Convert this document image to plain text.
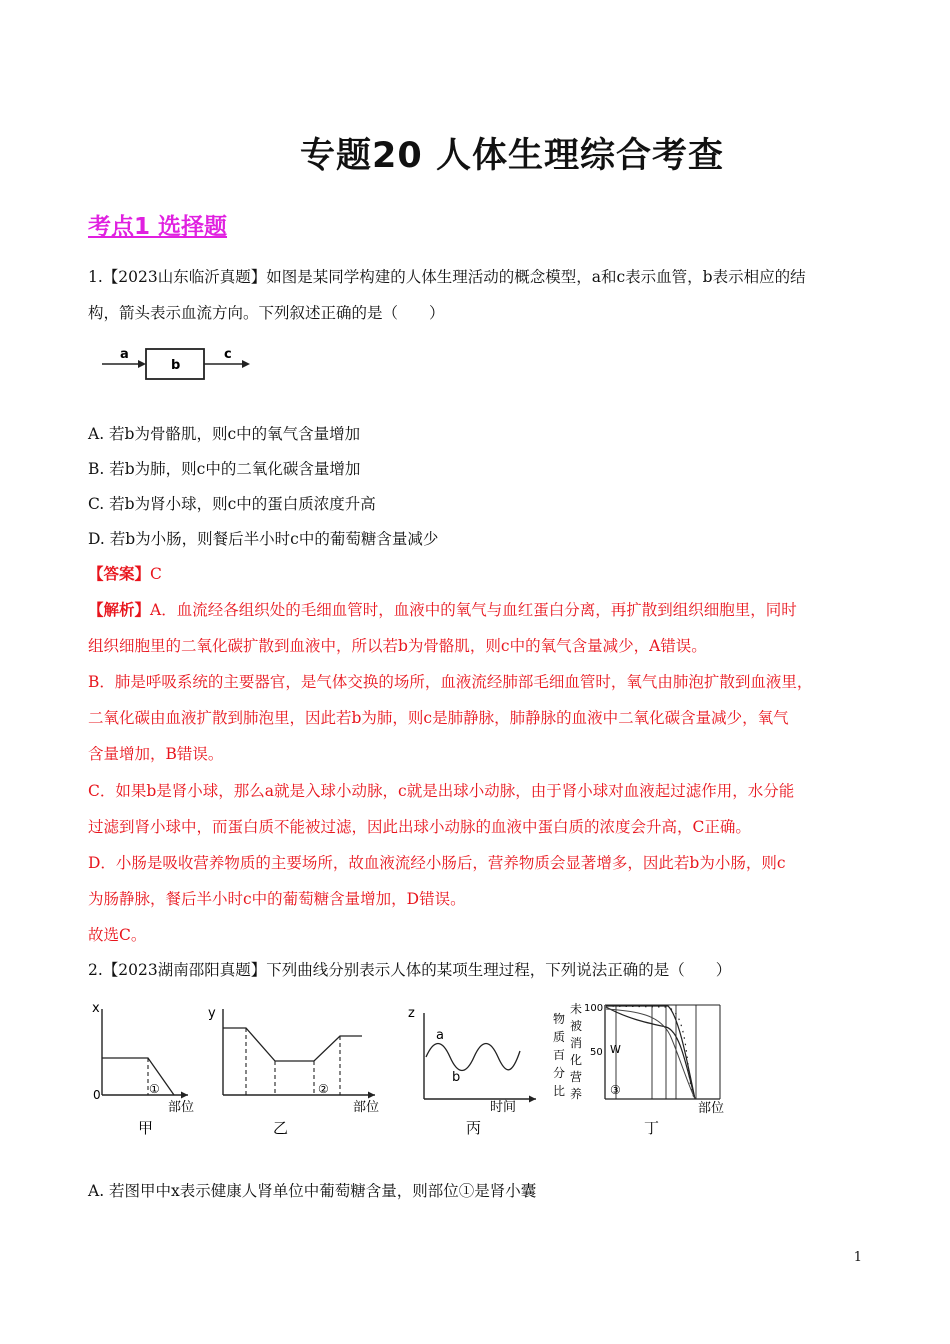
专题20 人体生理综合考查
考点1 选择题
1.【2023山东临沂真题】如图是某同学构建的人体生理活动的概念模型，a和c表示血管，b表示相应的结
构，箭头表示血流方向。下列叙述正确的是（　　）
a
b
c
A. 若b为骨骼肌，则c中的氧气含量增加
B. 若b为肺，则c中的二氧化碳含量增加
C. 若b为肾小球，则c中的蛋白质浓度升高
D. 若b为小肠，则餐后半小时c中的葡萄糖含量减少
【答案】C
【解析】A．血流经各组织处的毛细血管时，血液中的氧气与血红蛋白分离，再扩散到组织细胞里，同时
组织细胞里的二氧化碳扩散到血液中，所以若b为骨骼肌，则c中的氧气含量减少，A错误。
B．肺是呼吸系统的主要器官，是气体交换的场所，血液流经肺部毛细血管时，氧气由肺泡扩散到血液里，
二氧化碳由血液扩散到肺泡里，因此若b为肺，则c是肺静脉，肺静脉的血液中二氧化碳含量减少，氧气
含量增加，B错误。
C．如果b是肾小球，那么a就是入球小动脉，c就是出球小动脉，由于肾小球对血液起过滤作用，水分能
过滤到肾小球中，而蛋白质不能被过滤，因此出球小动脉的血液中蛋白质的浓度会升高，C正确。
D．小肠是吸收营养物质的主要场所，故血液流经小肠后，营养物质会显著增多，因此若b为小肠，则c
为肠静脉，餐后半小时c中的葡萄糖含量增加，D错误。
故选C。
2.【2023湖南邵阳真题】下列曲线分别表示人体的某项生理过程，下列说法正确的是（　　）
x
0	①
部位
甲
y
②
部位
乙
z
a
b
时间
丙
物
质
百
分
比
未
被
消
化
营
养
100
50 W
③
部位
丁
A. 若图甲中x表示健康人肾单位中葡萄糖含量，则部位①是肾小囊
1
